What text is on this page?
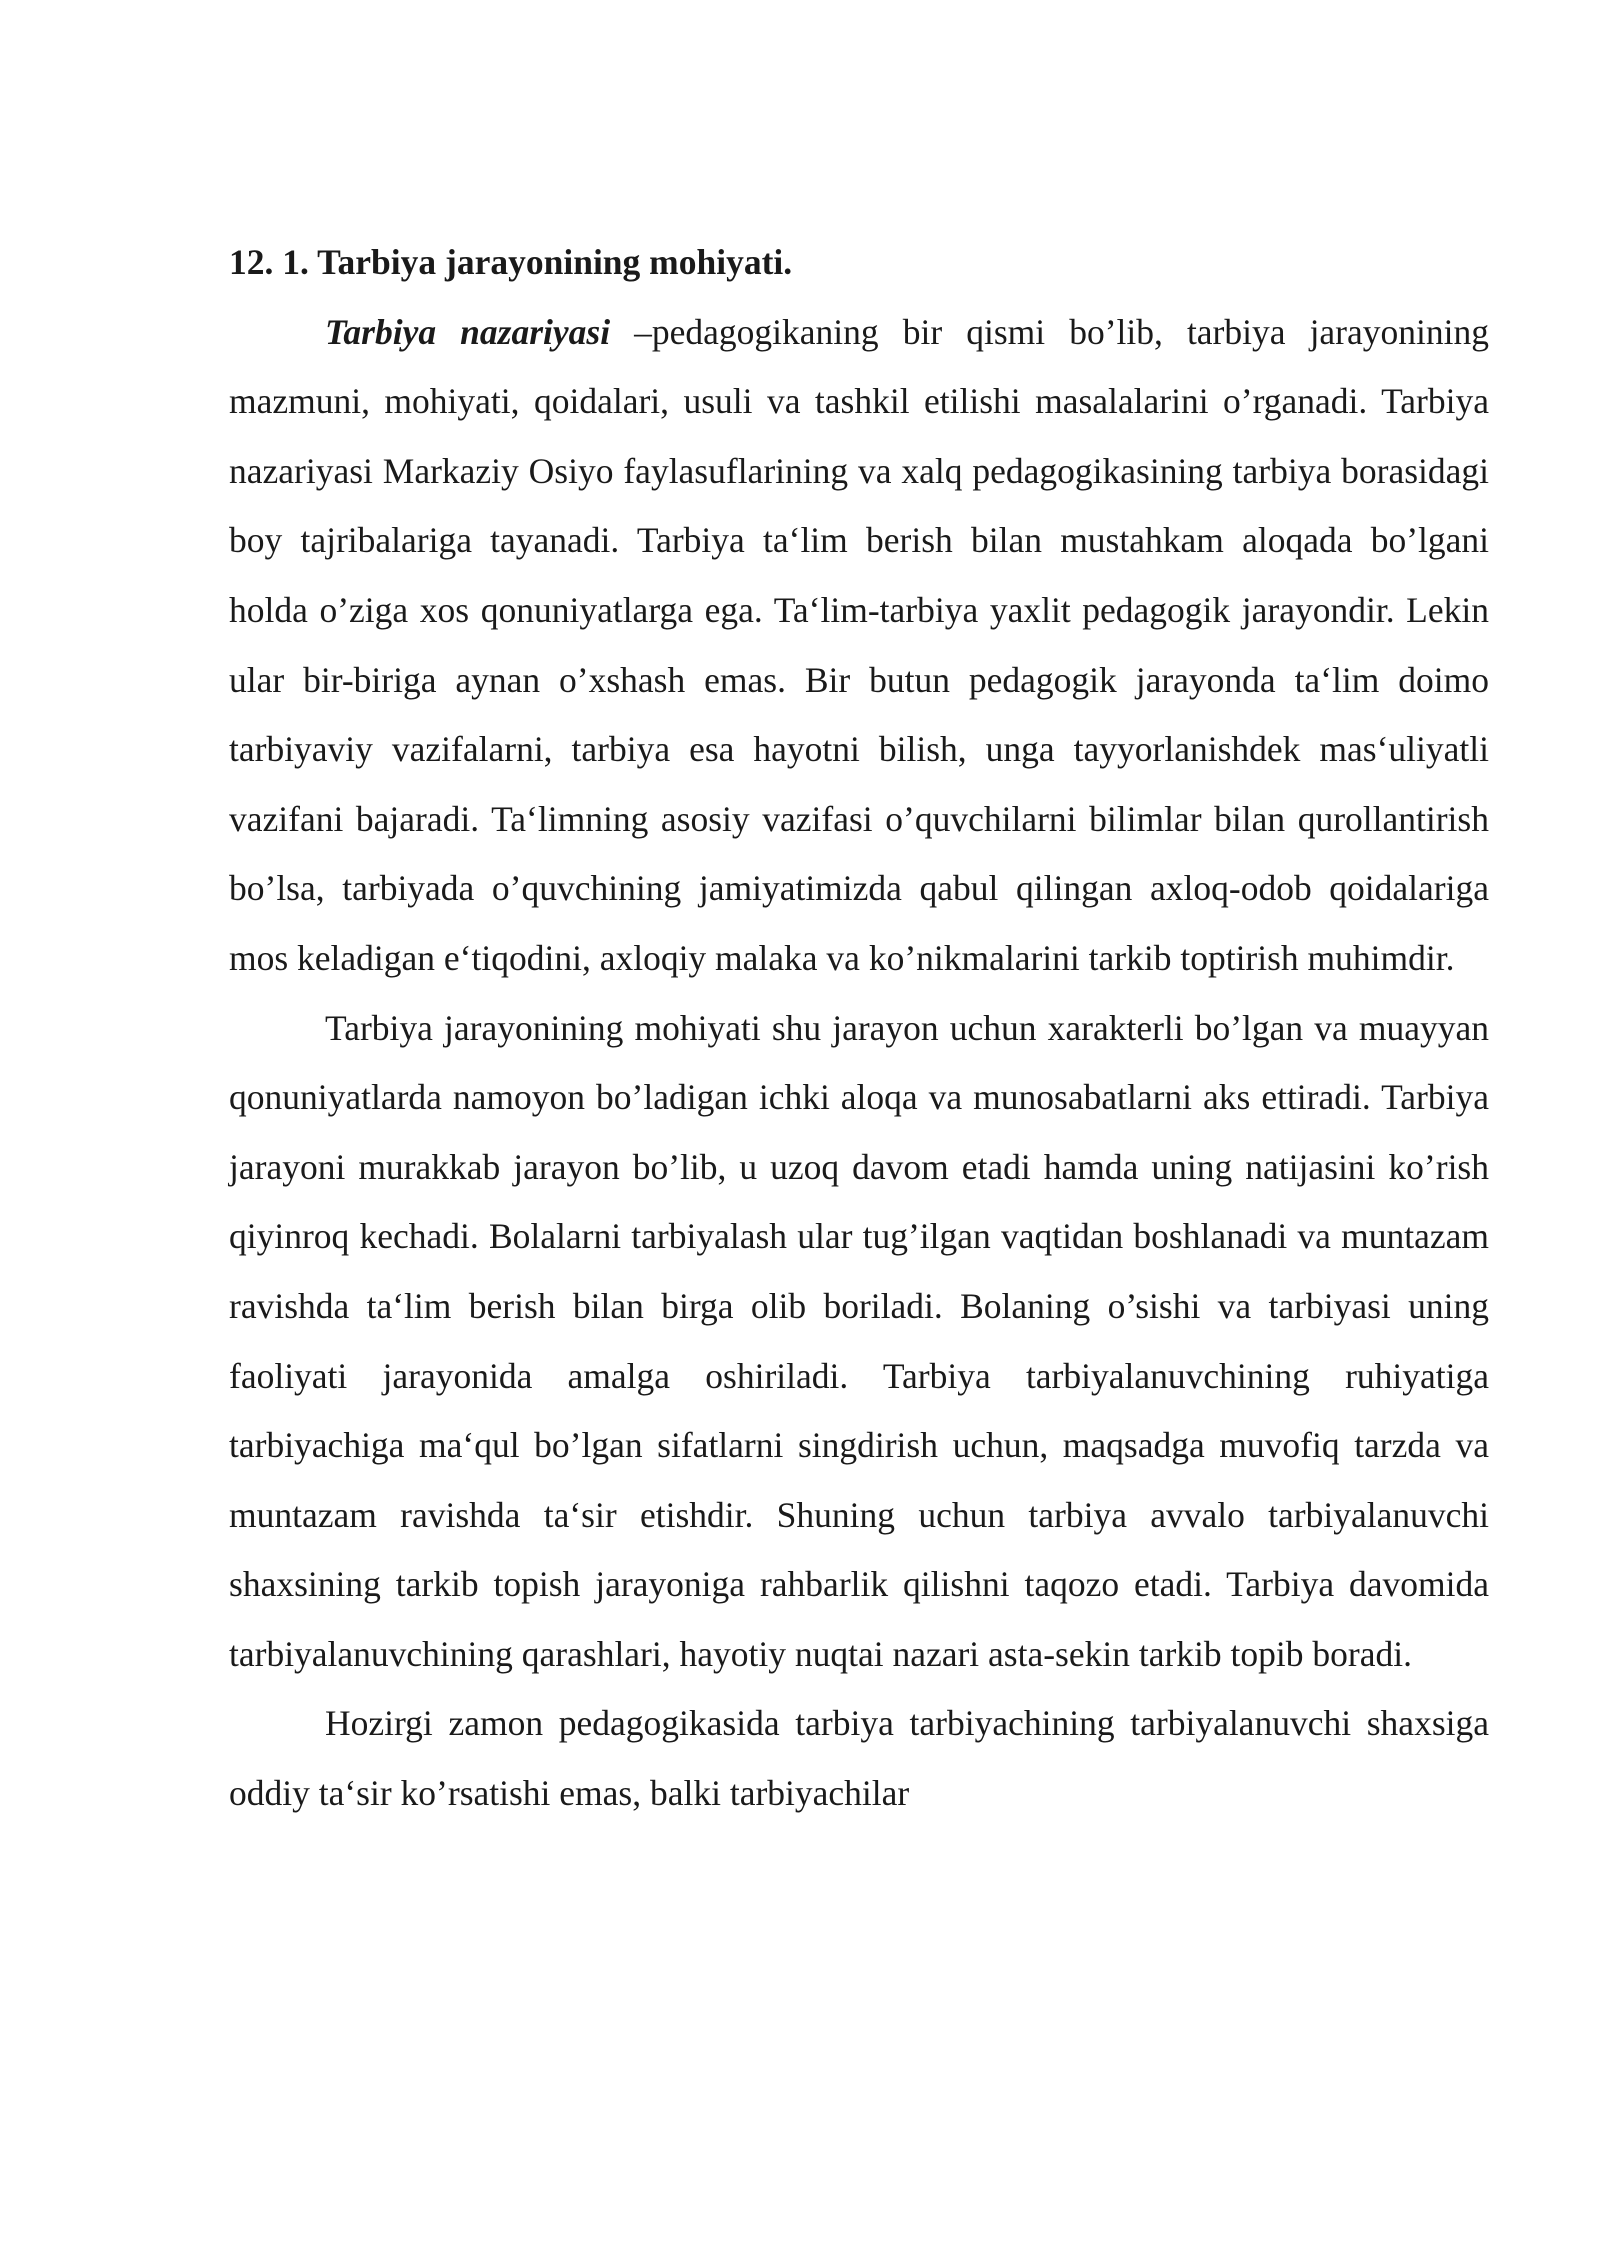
12. 1. Tarbiya jarayonining mohiyati.

Tarbiya nazariyasi –pedagogikaning bir qismi bo’lib, tarbiya jarayonining mazmuni, mohiyati, qoidalari, usuli va tashkil etilishi masalalarini o’rganadi. Tarbiya nazariyasi Markaziy Osiyo faylasuflarining va xalq pedagogikasining tarbiya borasidagi boy tajribalariga tayanadi. Tarbiya ta‘lim berish bilan mustahkam aloqada bo’lgani holda o’ziga xos qonuniyatlarga ega. Ta‘lim-tarbiya yaxlit pedagogik jarayondir. Lekin ular bir-biriga aynan o’xshash emas. Bir butun pedagogik jarayonda ta‘lim doimo tarbiyaviy vazifalarni, tarbiya esa hayotni bilish, unga tayyorlanishdek mas‘uliyatli vazifani bajaradi. Ta‘limning asosiy vazifasi o’quvchilarni bilimlar bilan qurollantirish bo’lsa, tarbiyada o’quvchining jamiyatimizda qabul qilingan axloq-odob qoidalariga mos keladigan e‘tiqodini, axloqiy malaka va ko’nikmalarini tarkib toptirish muhimdir.

Tarbiya jarayonining mohiyati shu jarayon uchun xarakterli bo’lgan va muayyan qonuniyatlarda namoyon bo’ladigan ichki aloqa va munosabatlarni aks ettiradi. Tarbiya jarayoni murakkab jarayon bo’lib, u uzoq davom etadi hamda uning natijasini ko’rish qiyinroq kechadi. Bolalarni tarbiyalash ular tug’ilgan vaqtidan boshlanadi va muntazam ravishda ta‘lim berish bilan birga olib boriladi. Bolaning o’sishi va tarbiyasi uning faoliyati jarayonida amalga oshiriladi. Tarbiya tarbiyalanuvchining ruhiyatiga tarbiyachiga ma‘qul bo’lgan sifatlarni singdirish uchun, maqsadga muvofiq tarzda va muntazam ravishda ta‘sir etishdir. Shuning uchun tarbiya avvalo tarbiyalanuvchi shaxsining tarkib topish jarayoniga rahbarlik qilishni taqozo etadi. Tarbiya davomida tarbiyalanuvchining qarashlari, hayotiy nuqtai nazari asta-sekin tarkib topib boradi.

Hozirgi zamon pedagogikasida tarbiya tarbiyachining tarbiyalanuvchi shaxsiga oddiy ta‘sir ko’rsatishi emas, balki tarbiyachilar
